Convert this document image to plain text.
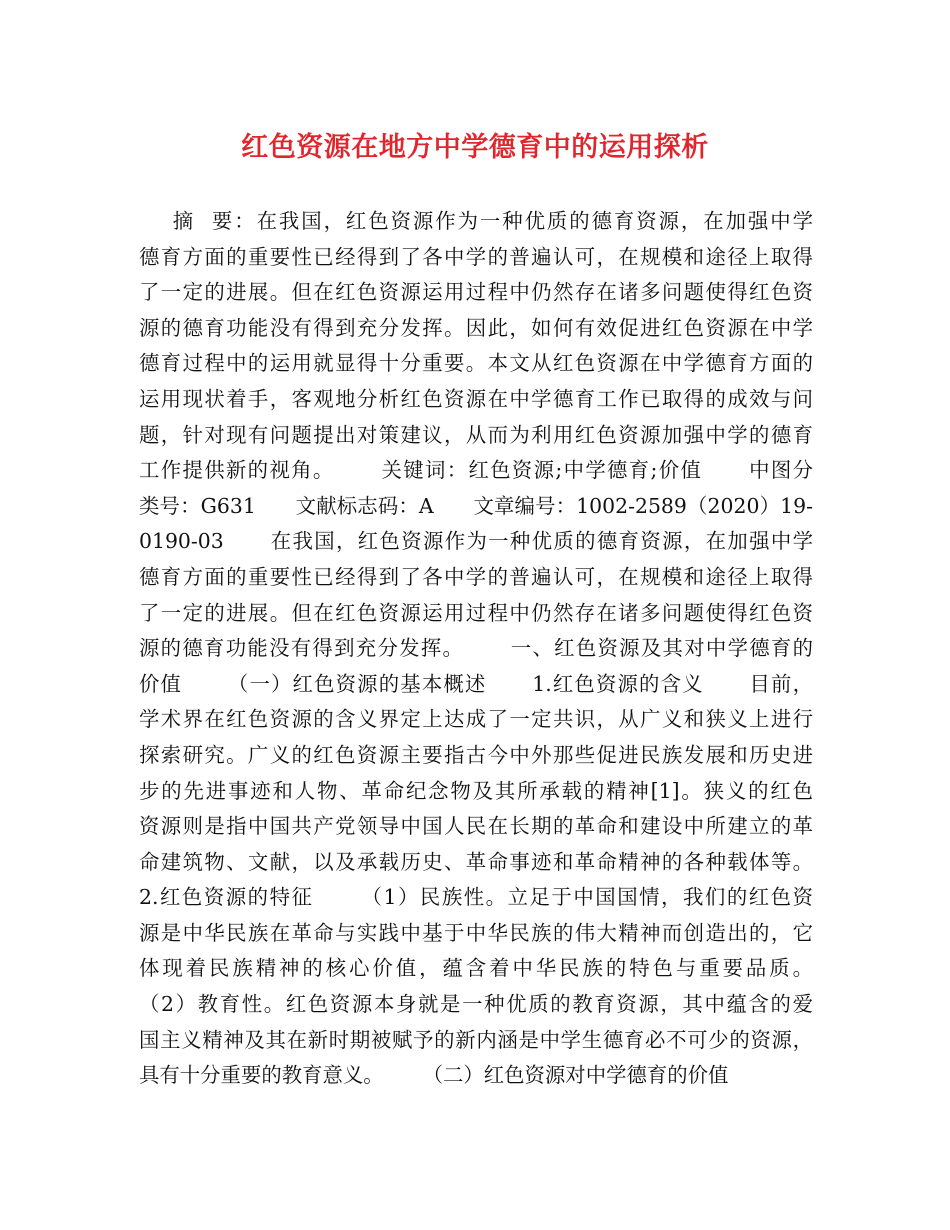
红色资源在地方中学德育中的运用探析
摘  要：在我国，红色资源作为一种优质的德育资源，在加强中学
德育方面的重要性已经得到了各中学的普遍认可，在规模和途径上取得
了一定的进展。但在红色资源运用过程中仍然存在诸多问题使得红色资
源的德育功能没有得到充分发挥。因此，如何有效促进红色资源在中学
德育过程中的运用就显得十分重要。本文从红色资源在中学德育方面的
运用现状着手，客观地分析红色资源在中学德育工作已取得的成效与问
题，针对现有问题提出对策建议，从而为利用红色资源加强中学的德育
工作提供新的视角。      关键词：红色资源;中学德育;价值      中图分
类号：G631      文献标志码：A      文章编号：1002-2589（2020）19-
0190-03      在我国，红色资源作为一种优质的德育资源，在加强中学
德育方面的重要性已经得到了各中学的普遍认可，在规模和途径上取得
了一定的进展。但在红色资源运用过程中仍然存在诸多问题使得红色资
源的德育功能没有得到充分发挥。      一、红色资源及其对中学德育的
价值      （一）红色资源的基本概述      1.红色资源的含义      目前，
学术界在红色资源的含义界定上达成了一定共识，从广义和狭义上进行
探索研究。广义的红色资源主要指古今中外那些促进民族发展和历史进
步的先进事迹和人物、革命纪念物及其所承载的精神[1]。狭义的红色
资源则是指中国共产党领导中国人民在长期的革命和建设中所建立的革
命建筑物、文献，以及承载历史、革命事迹和革命精神的各种载体等。
2.红色资源的特征      （1）民族性。立足于中国国情，我们的红色资
源是中华民族在革命与实践中基于中华民族的伟大精神而创造出的，它
体现着民族精神的核心价值，蕴含着中华民族的特色与重要品质。
（2）教育性。红色资源本身就是一种优质的教育资源，其中蕴含的爱
国主义精神及其在新时期被赋予的新内涵是中学生德育必不可少的资源，
具有十分重要的教育意义。      （二）红色资源对中学德育的价值
